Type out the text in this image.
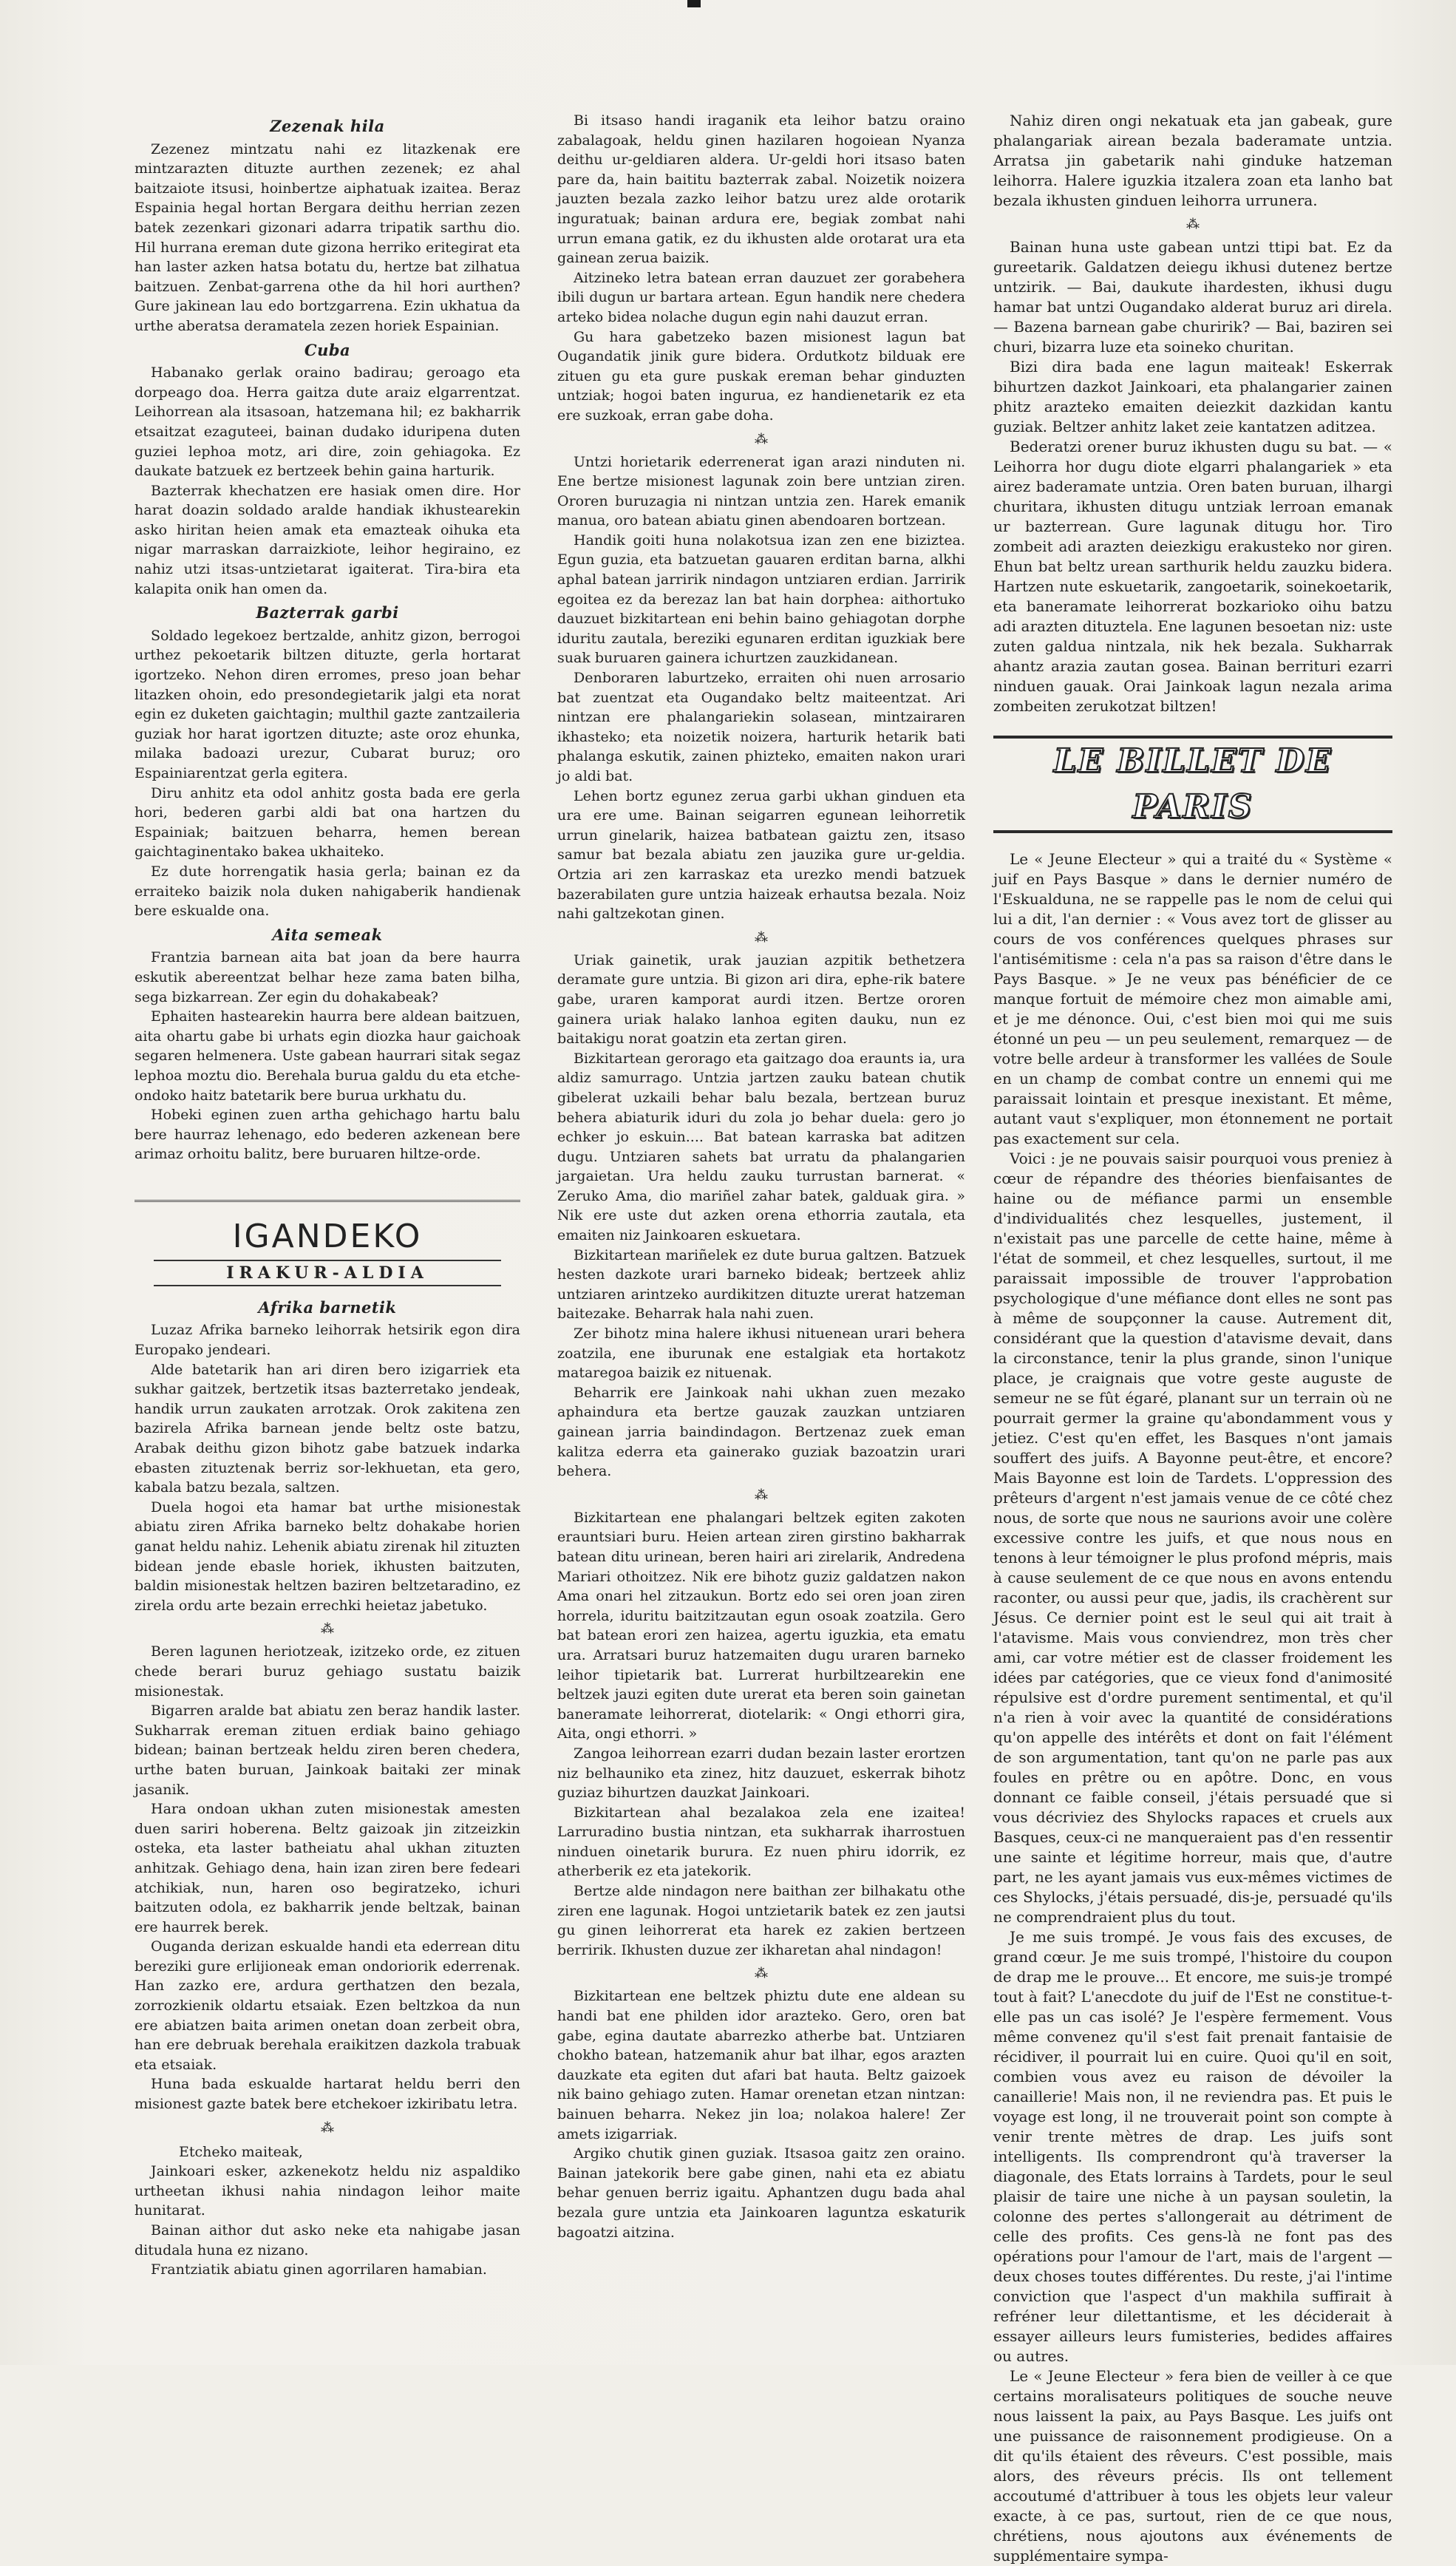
Zezenak hila

Zezenez mintzatu nahi ez litazkenak ere mintzarazten dituzte aurthen zezenek; ez ahal baitzaiote itsusi, hoinbertze aiphatuak izaitea. Beraz Espainia hegal hortan Bergara deithu herrian zezen batek zezenkari gizonari adarra tripatik sarthu dio. Hil hurrana ereman dute gizona herriko eritegirat eta han laster azken hatsa botatu du, hertze bat zilhatua baitzuen. Zenbat-garrena othe da hil hori aurthen? Gure jakinean lau edo bortzgarrena. Ezin ukhatua da urthe aberatsa deramatela zezen horiek Espainian.

Cuba

Habanako gerlak oraino badirau; geroago eta dorpeago doa. Herra gaitza dute araiz elgarrentzat. Leihorrean ala itsasoan, hatzemana hil; ez bakharrik etsaitzat ezaguteei, bainan dudako iduripena duten guziei lephoa motz, ari dire, zoin gehiagoka. Ez daukate batzuek ez bertzeek behin gaina harturik.

Bazterrak khechatzen ere hasiak omen dire. Hor harat doazin soldado aralde handiak ikhustearekin asko hiritan heien amak eta emazteak oihuka eta nigar marraskan darraizkiote, leihor hegiraino, ez nahiz utzi itsas-untzietarat igaiterat. Tira-bira eta kalapita onik han omen da.

Bazterrak garbi

Soldado legekoez bertzalde, anhitz gizon, berrogoi urthez pekoetarik biltzen dituzte, gerla hortarat igortzeko. Nehon diren erromes, preso joan behar litazken ohoin, edo presondegietarik jalgi eta norat egin ez duketen gaichtagin; multhil gazte zantzaileria guziak hor harat igortzen dituzte; aste oroz ehunka, milaka badoazi urezur, Cubarat buruz; oro Espainiarentzat gerla egitera.

Diru anhitz eta odol anhitz gosta bada ere gerla hori, bederen garbi aldi bat ona hartzen du Espainiak; baitzuen beharra, hemen berean gaichtaginentako bakea ukhaiteko.

Ez dute horrengatik hasia gerla; bainan ez da erraiteko baizik nola duken nahigaberik handienak bere eskualde ona.

Aita semeak

Frantzia barnean aita bat joan da bere haurra eskutik abereentzat belhar heze zama baten bilha, sega bizkarrean. Zer egin du dohakabeak?

Ephaiten hastearekin haurra bere aldean baitzuen, aita ohartu gabe bi urhats egin diozka haur gaichoak segaren helmenera. Uste gabean haurrari sitak segaz lephoa moztu dio. Berehala burua galdu du eta etche-ondoko haitz batetarik bere burua urkhatu du.

Hobeki eginen zuen artha gehichago hartu balu bere haurraz lehenago, edo bederen azkenean bere arimaz orhoitu balitz, bere buruaren hiltze-orde.

IGANDEKO
IRAKUR-ALDIA
Afrika barnetik

Luzaz Afrika barneko leihorrak hetsirik egon dira Europako jendeari.

Alde batetarik han ari diren bero izigarriek eta sukhar gaitzek, bertzetik itsas bazterretako jendeak, handik urrun zaukaten arrotzak. Orok zakitena zen bazirela Afrika barnean jende beltz oste batzu, Arabak deithu gizon bihotz gabe batzuek indarka ebasten zituztenak berriz sor-lekhuetan, eta gero, kabala batzu bezala, saltzen.

Duela hogoi eta hamar bat urthe misionestak abiatu ziren Afrika barneko beltz dohakabe horien ganat heldu nahiz. Lehenik abiatu zirenak hil zituzten bidean jende ebasle horiek, ikhusten baitzuten, baldin misionestak heltzen baziren beltzetaradino, ez zirela ordu arte bezain errechki heietaz jabetuko.

⁂

Beren lagunen heriotzeak, izitzeko orde, ez zituen chede berari buruz gehiago sustatu baizik misionestak.

Bigarren aralde bat abiatu zen beraz handik laster. Sukharrak ereman zituen erdiak baino gehiago bidean; bainan bertzeak heldu ziren beren chedera, urthe baten buruan, Jainkoak baitaki zer minak jasanik.

Hara ondoan ukhan zuten misionestak amesten duen sariri hoberena. Beltz gaizoak jin zitzeizkin osteka, eta laster batheiatu ahal ukhan zituzten anhitzak. Gehiago dena, hain izan ziren bere fedeari atchikiak, nun, haren oso begiratzeko, ichuri baitzuten odola, ez bakharrik jende beltzak, bainan ere haurrek berek.

Ouganda derizan eskualde handi eta ederrean ditu bereziki gure erlijioneak eman ondoriorik ederrenak. Han zazko ere, ardura gerthatzen den bezala, zorrozkienik oldartu etsaiak. Ezen beltzkoa da nun ere abiatzen baita arimen onetan doan zerbeit obra, han ere debruak berehala eraikitzen dazkola trabuak eta etsaiak.

Huna bada eskualde hartarat heldu berri den misionest gazte batek bere etchekoer izkiribatu letra.

⁂

Etcheko maiteak,

Jainkoari esker, azkenekotz heldu niz aspaldiko urtheetan ikhusi nahia nindagon leihor maite hunitarat.

Bainan aithor dut asko neke eta nahigabe jasan ditudala huna ez nizano.

Frantziatik abiatu ginen agorrilaren hamabian.

Bi itsaso handi iraganik eta leihor batzu oraino zabalagoak, heldu ginen hazilaren hogoiean Nyanza deithu ur-geldiaren aldera. Ur-geldi hori itsaso baten pare da, hain baititu bazterrak zabal. Noizetik noizera jauzten bezala zazko leihor batzu urez alde orotarik inguratuak; bainan ardura ere, begiak zombat nahi urrun emana gatik, ez du ikhusten alde orotarat ura eta gainean zerua baizik.

Aitzineko letra batean erran dauzuet zer gorabehera ibili dugun ur bartara artean. Egun handik nere chedera arteko bidea nolache dugun egin nahi dauzut erran.

Gu hara gabetzeko bazen misionest lagun bat Ougandatik jinik gure bidera. Ordutkotz bilduak ere zituen gu eta gure puskak ereman behar ginduzten untziak; hogoi baten ingurua, ez handienetarik ez eta ere suzkoak, erran gabe doha.

⁂

Untzi horietarik ederrenerat igan arazi ninduten ni. Ene bertze misionest lagunak zoin bere untzian ziren. Ororen buruzagia ni nintzan untzia zen. Harek emanik manua, oro batean abiatu ginen abendoaren bortzean.

Handik goiti huna nolakotsua izan zen ene biziztea. Egun guzia, eta batzuetan gauaren erditan barna, alkhi aphal batean jarririk nindagon untziaren erdian. Jarririk egoitea ez da berezaz lan bat hain dorphea: aithortuko dauzuet bizkitartean eni behin baino gehiagotan dorphe iduritu zautala, bereziki egunaren erditan iguzkiak bere suak buruaren gainera ichurtzen zauzkidanean.

Denboraren laburtzeko, erraiten ohi nuen arrosario bat zuentzat eta Ougandako beltz maiteentzat. Ari nintzan ere phalangariekin solasean, mintzairaren ikhasteko; eta noizetik noizera, harturik hetarik bati phalanga eskutik, zainen phizteko, emaiten nakon urari jo aldi bat.

Lehen bortz egunez zerua garbi ukhan ginduen eta ura ere ume. Bainan seigarren egunean leihorretik urrun ginelarik, haizea batbatean gaiztu zen, itsaso samur bat bezala abiatu zen jauzika gure ur-geldia. Ortzia ari zen karraskaz eta urezko mendi batzuek bazerabilaten gure untzia haizeak erhautsa bezala. Noiz nahi galtzekotan ginen.

⁂

Uriak gainetik, urak jauzian azpitik bethetzera deramate gure untzia. Bi gizon ari dira, ephe-rik batere gabe, uraren kamporat aurdi itzen. Bertze ororen gainera uriak halako lanhoa egiten dauku, nun ez baitakigu norat goatzin eta zertan giren.

Bizkitartean gerorago eta gaitzago doa eraunts ia, ura aldiz samurrago. Untzia jartzen zauku batean chutik gibelerat uzkaili behar balu bezala, bertzean buruz behera abiaturik iduri du zola jo behar duela: gero jo echker jo eskuin.... Bat batean karraska bat aditzen dugu. Untziaren sahets bat urratu da phalangarien jargaietan. Ura heldu zauku turrustan barnerat. « Zeruko Ama, dio mariñel zahar batek, galduak gira. » Nik ere uste dut azken orena ethorria zautala, eta emaiten niz Jainkoaren eskuetara.

Bizkitartean mariñelek ez dute burua galtzen. Batzuek hesten dazkote urari barneko bideak; bertzeek ahliz untziaren arintzeko aurdikitzen dituzte urerat hatzeman baitezake. Beharrak hala nahi zuen.

Zer bihotz mina halere ikhusi nituenean urari behera zoatzila, ene iburunak ene estalgiak eta hortakotz mataregoa baizik ez nituenak.

Beharrik ere Jainkoak nahi ukhan zuen mezako aphaindura eta bertze gauzak zauzkan untziaren gainean jarria baindindagon. Bertzenaz zuek eman kalitza ederra eta gainerako guziak bazoatzin urari behera.

⁂

Bizkitartean ene phalangari beltzek egiten zakoten erauntsiari buru. Heien artean ziren girstino bakharrak batean ditu urinean, beren hairi ari zirelarik, Andredena Mariari othoitzez. Nik ere bihotz guziz galdatzen nakon Ama onari hel zitzaukun. Bortz edo sei oren joan ziren horrela, iduritu baitzitzautan egun osoak zoatzila. Gero bat batean erori zen haizea, agertu iguzkia, eta ematu ura. Arratsari buruz hatzemaiten dugu uraren barneko leihor tipietarik bat. Lurrerat hurbiltzearekin ene beltzek jauzi egiten dute urerat eta beren soin gainetan baneramate leihorrerat, diotelarik: « Ongi ethorri gira, Aita, ongi ethorri. »

Zangoa leihorrean ezarri dudan bezain laster erortzen niz belhauniko eta zinez, hitz dauzuet, eskerrak bihotz guziaz bihurtzen dauzkat Jainkoari.

Bizkitartean ahal bezalakoa zela ene izaitea! Larruradino bustia nintzan, eta sukharrak iharrostuen ninduen oinetarik burura. Ez nuen phiru idorrik, ez atherberik ez eta jatekorik.

Bertze alde nindagon nere baithan zer bilhakatu othe ziren ene lagunak. Hogoi untzietarik batek ez zen jautsi gu ginen leihorrerat eta harek ez zakien bertzeen berririk. Ikhusten duzue zer ikharetan ahal nindagon!

⁂

Bizkitartean ene beltzek phiztu dute ene aldean su handi bat ene philden idor arazteko. Gero, oren bat gabe, egina dautate abarrezko atherbe bat. Untziaren chokho batean, hatzemanik ahur bat ilhar, egos arazten dauzkate eta egiten dut afari bat hauta. Beltz gaizoek nik baino gehiago zuten. Hamar orenetan etzan nintzan: bainuen beharra. Nekez jin loa; nolakoa halere! Zer amets izigarriak.

Argiko chutik ginen guziak. Itsasoa gaitz zen oraino. Bainan jatekorik bere gabe ginen, nahi eta ez abiatu behar genuen berriz igaitu. Aphantzen dugu bada ahal bezala gure untzia eta Jainkoaren laguntza eskaturik bagoatzi aitzina.

Nahiz diren ongi nekatuak eta jan gabeak, gure phalangariak airean bezala baderamate untzia. Arratsa jin gabetarik nahi ginduke hatzeman leihorra. Halere iguzkia itzalera zoan eta lanho bat bezala ikhusten ginduen leihorra urrunera.

⁂

Bainan huna uste gabean untzi ttipi bat. Ez da gureetarik. Galdatzen deiegu ikhusi dutenez bertze untzirik. — Bai, daukute ihardesten, ikhusi dugu hamar bat untzi Ougandako alderat buruz ari direla. — Bazena barnean gabe churirik? — Bai, baziren sei churi, bizarra luze eta soineko churitan.

Bizi dira bada ene lagun maiteak! Eskerrak bihurtzen dazkot Jainkoari, eta phalangarier zainen phitz arazteko emaiten deiezkit dazkidan kantu guziak. Beltzer anhitz laket zeie kantatzen aditzea.

Bederatzi orener buruz ikhusten dugu su bat. — « Leihorra hor dugu diote elgarri phalangariek » eta airez baderamate untzia. Oren baten buruan, ilhargi churitara, ikhusten ditugu untziak lerroan emanak ur bazterrean. Gure lagunak ditugu hor. Tiro zombeit adi arazten deiezkigu erakusteko nor giren. Ehun bat beltz urean sarthurik heldu zauzku bidera. Hartzen nute eskuetarik, zangoetarik, soinekoetarik, eta baneramate leihorrerat bozkarioko oihu batzu adi arazten dituztela. Ene lagunen besoetan niz: uste zuten galdua nintzala, nik hek bezala. Sukharrak ahantz arazia zautan gosea. Bainan berrituri ezarri ninduen gauak. Orai Jainkoak lagun nezala arima zombeiten zerukotzat biltzen!

LE BILLET DE PARIS

Le « Jeune Electeur » qui a traité du « Système « juif en Pays Basque » dans le dernier numéro de l'Eskualduna, ne se rappelle pas le nom de celui qui lui a dit, l'an dernier : « Vous avez tort de glisser au cours de vos conférences quelques phrases sur l'antisémitisme : cela n'a pas sa raison d'être dans le Pays Basque. » Je ne veux pas bénéficier de ce manque fortuit de mémoire chez mon aimable ami, et je me dénonce. Oui, c'est bien moi qui me suis étonné un peu — un peu seulement, remarquez — de votre belle ardeur à transformer les vallées de Soule en un champ de combat contre un ennemi qui me paraissait lointain et presque inexistant. Et même, autant vaut s'expliquer, mon étonnement ne portait pas exactement sur cela.

Voici : je ne pouvais saisir pourquoi vous preniez à cœur de répandre des théories bienfaisantes de haine ou de méfiance parmi un ensemble d'individualités chez lesquelles, justement, il n'existait pas une parcelle de cette haine, même à l'état de sommeil, et chez lesquelles, surtout, il me paraissait impossible de trouver l'approbation psychologique d'une méfiance dont elles ne sont pas à même de soupçonner la cause. Autrement dit, considérant que la question d'atavisme devait, dans la circonstance, tenir la plus grande, sinon l'unique place, je craignais que votre geste auguste de semeur ne se fût égaré, planant sur un terrain où ne pourrait germer la graine qu'abondamment vous y jetiez. C'est qu'en effet, les Basques n'ont jamais souffert des juifs. A Bayonne peut-être, et encore? Mais Bayonne est loin de Tardets. L'oppression des prêteurs d'argent n'est jamais venue de ce côté chez nous, de sorte que nous ne saurions avoir une colère excessive contre les juifs, et que nous nous en tenons à leur témoigner le plus profond mépris, mais à cause seulement de ce que nous en avons entendu raconter, ou aussi peur que, jadis, ils crachèrent sur Jésus. Ce dernier point est le seul qui ait trait à l'atavisme. Mais vous conviendrez, mon très cher ami, car votre métier est de classer froidement les idées par catégories, que ce vieux fond d'animosité répulsive est d'ordre purement sentimental, et qu'il n'a rien à voir avec la quantité de considérations qu'on appelle des intérêts et dont on fait l'élément de son argumentation, tant qu'on ne parle pas aux foules en prêtre ou en apôtre. Donc, en vous donnant ce faible conseil, j'étais persuadé que si vous décriviez des Shylocks rapaces et cruels aux Basques, ceux-ci ne manqueraient pas d'en ressentir une sainte et légitime horreur, mais que, d'autre part, ne les ayant jamais vus eux-mêmes victimes de ces Shylocks, j'étais persuadé, dis-je, persuadé qu'ils ne comprendraient plus du tout.

Je me suis trompé. Je vous fais des excuses, de grand cœur. Je me suis trompé, l'histoire du coupon de drap me le prouve... Et encore, me suis-je trompé tout à fait? L'anecdote du juif de l'Est ne constitue-t-elle pas un cas isolé? Je l'espère fermement. Vous même convenez qu'il s'est fait prenait fantaisie de récidiver, il pourrait lui en cuire. Quoi qu'il en soit, combien vous avez eu raison de dévoiler la canaillerie! Mais non, il ne reviendra pas. Et puis le voyage est long, il ne trouverait point son compte à venir trente mètres de drap. Les juifs sont intelligents. Ils comprendront qu'à traverser la diagonale, des Etats lorrains à Tardets, pour le seul plaisir de taire une niche à un paysan souletin, la colonne des pertes s'allongerait au détriment de celle des profits. Ces gens-là ne font pas des opérations pour l'amour de l'art, mais de l'argent — deux choses toutes différentes. Du reste, j'ai l'intime conviction que l'aspect d'un makhila suffirait à refréner leur dilettantisme, et les déciderait à essayer ailleurs leurs fumisteries, bedides affaires ou autres.

Le « Jeune Electeur » fera bien de veiller à ce que certains moralisateurs politiques de souche neuve nous laissent la paix, au Pays Basque. Les juifs ont une puissance de raisonnement prodigieuse. On a dit qu'ils étaient des rêveurs. C'est possible, mais alors, des rêveurs précis. Ils ont tellement accoutumé d'attribuer à tous les objets leur valeur exacte, à ce pas, surtout, rien de ce que nous, chrétiens, nous ajoutons aux événements de supplémentaire sympa-
